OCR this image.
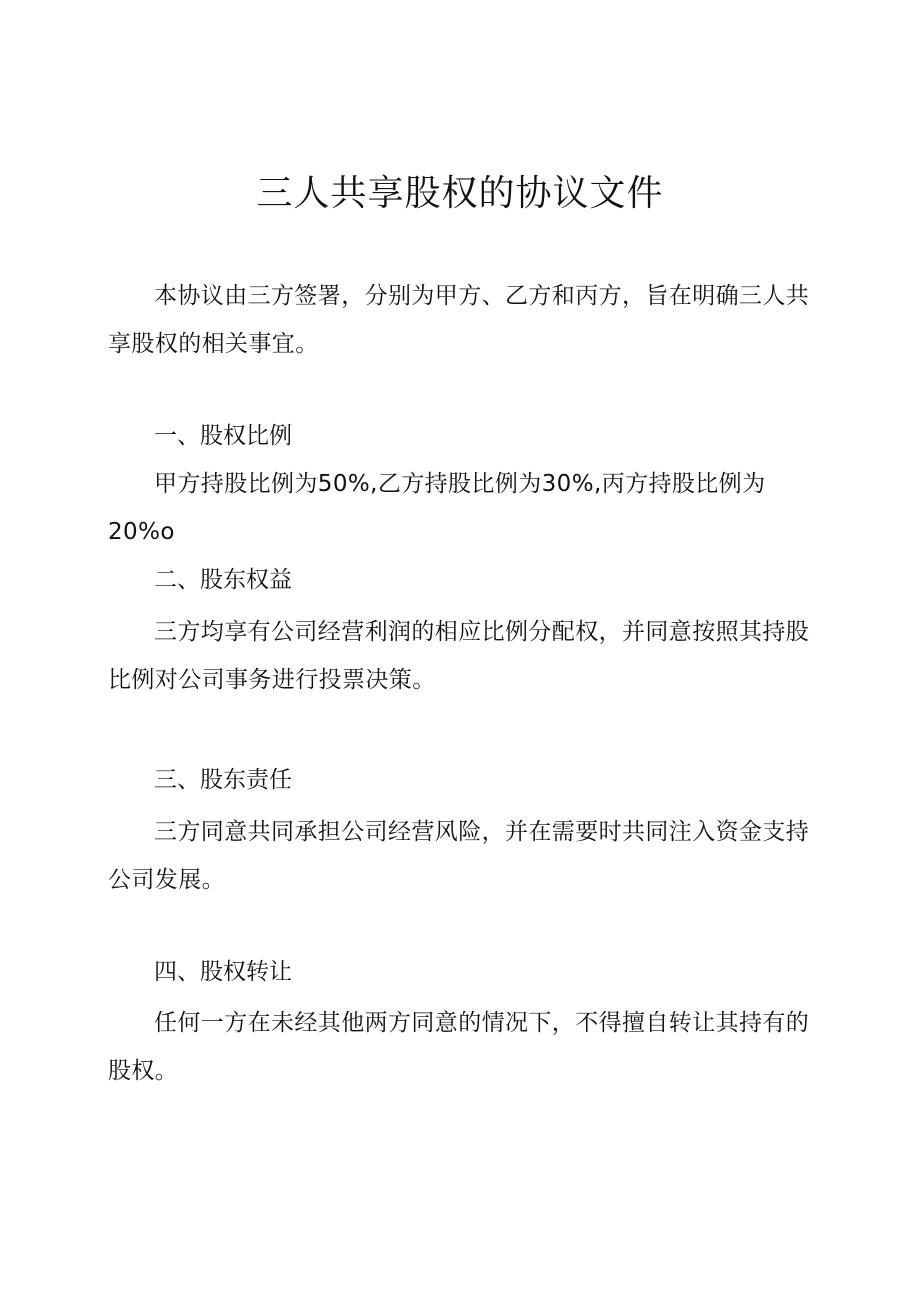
三人共享股权的协议文件

本协议由三方签署，分别为甲方、乙方和丙方，旨在明确三人共享股权的相关事宜。

一、股权比例

甲方持股比例为50%,乙方持股比例为30%,丙方持股比例为20%o

二、股东权益

三方均享有公司经营利润的相应比例分配权，并同意按照其持股比例对公司事务进行投票决策。

三、股东责任

三方同意共同承担公司经营风险，并在需要时共同注入资金支持公司发展。

四、股权转让

任何一方在未经其他两方同意的情况下，不得擅自转让其持有的股权。
